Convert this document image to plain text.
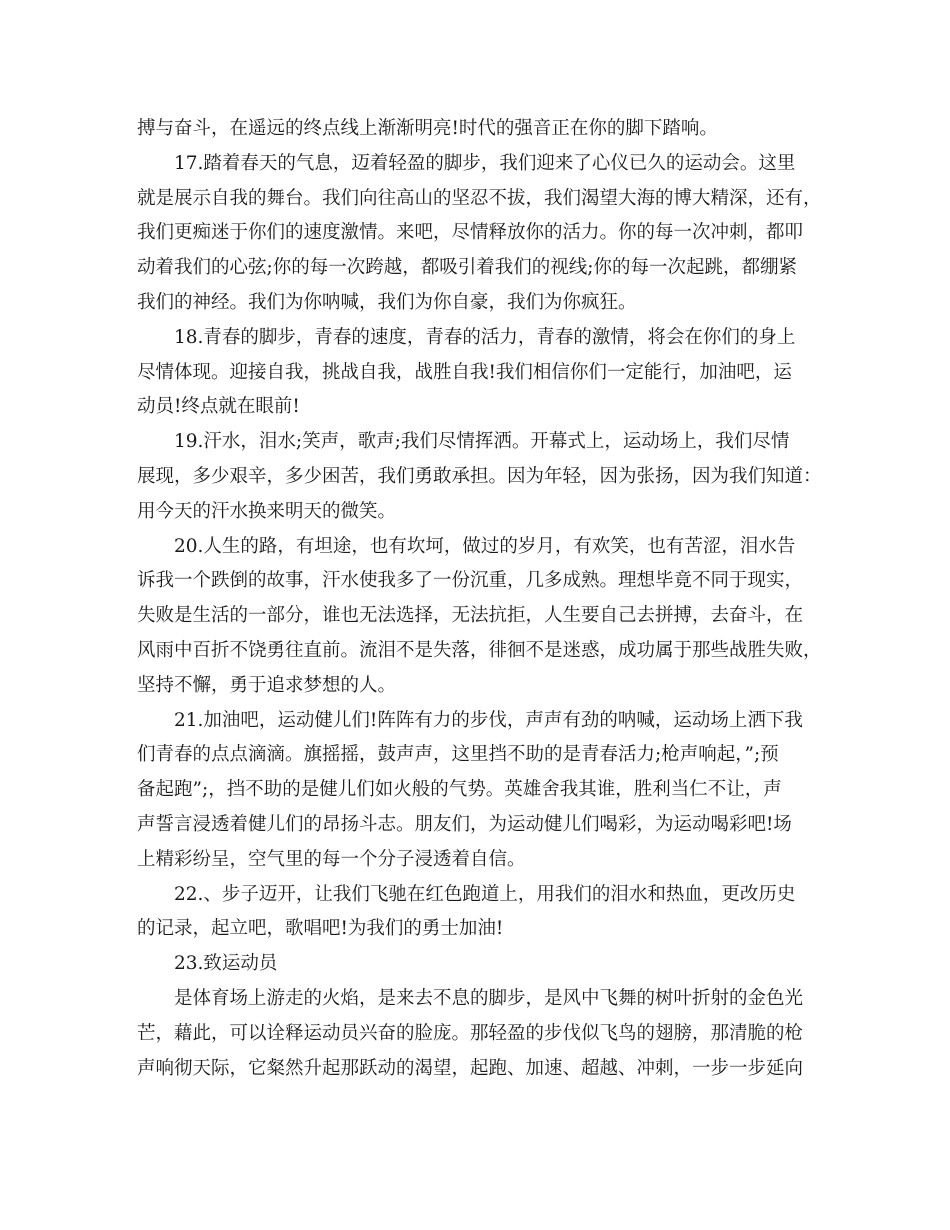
搏与奋斗，在遥远的终点线上渐渐明亮!时代的强音正在你的脚下踏响。
17.踏着春天的气息，迈着轻盈的脚步，我们迎来了心仪已久的运动会。这里
就是展示自我的舞台。我们向往高山的坚忍不拔，我们渴望大海的博大精深，还有，
我们更痴迷于你们的速度激情。来吧，尽情释放你的活力。你的每一次冲刺，都叩
动着我们的心弦;你的每一次跨越，都吸引着我们的视线;你的每一次起跳，都绷紧
我们的神经。我们为你呐喊，我们为你自豪，我们为你疯狂。
18.青春的脚步，青春的速度，青春的活力，青春的激情，将会在你们的身上
尽情体现。迎接自我，挑战自我，战胜自我!我们相信你们一定能行，加油吧，运
动员!终点就在眼前!
19.汗水，泪水;笑声，歌声;我们尽情挥洒。开幕式上，运动场上，我们尽情
展现，多少艰辛，多少困苦，我们勇敢承担。因为年轻，因为张扬，因为我们知道：
用今天的汗水换来明天的微笑。
20.人生的路，有坦途，也有坎坷，做过的岁月，有欢笑，也有苦涩，泪水告
诉我一个跌倒的故事，汗水使我多了一份沉重，几多成熟。理想毕竟不同于现实，
失败是生活的一部分，谁也无法选择，无法抗拒，人生要自己去拼搏，去奋斗，在
风雨中百折不饶勇往直前。流泪不是失落，徘徊不是迷惑，成功属于那些战胜失败，
坚持不懈，勇于追求梦想的人。
21.加油吧，运动健儿们!阵阵有力的步伐，声声有劲的呐喊，运动场上洒下我
们青春的点点滴滴。旗摇摇，鼓声声，这里挡不助的是青春活力;枪声响起，”;预
备起跑”;，挡不助的是健儿们如火般的气势。英雄舍我其谁，胜利当仁不让，声
声誓言浸透着健儿们的昂扬斗志。朋友们，为运动健儿们喝彩，为运动喝彩吧!场
上精彩纷呈，空气里的每一个分子浸透着自信。
22.、步子迈开，让我们飞驰在红色跑道上，用我们的泪水和热血，更改历史
的记录，起立吧，歌唱吧!为我们的勇士加油!
23.致运动员
是体育场上游走的火焰，是来去不息的脚步，是风中飞舞的树叶折射的金色光
芒，藉此，可以诠释运动员兴奋的脸庞。那轻盈的步伐似飞鸟的翅膀，那清脆的枪
声响彻天际，它粲然升起那跃动的渴望，起跑、加速、超越、冲刺，一步一步延向
